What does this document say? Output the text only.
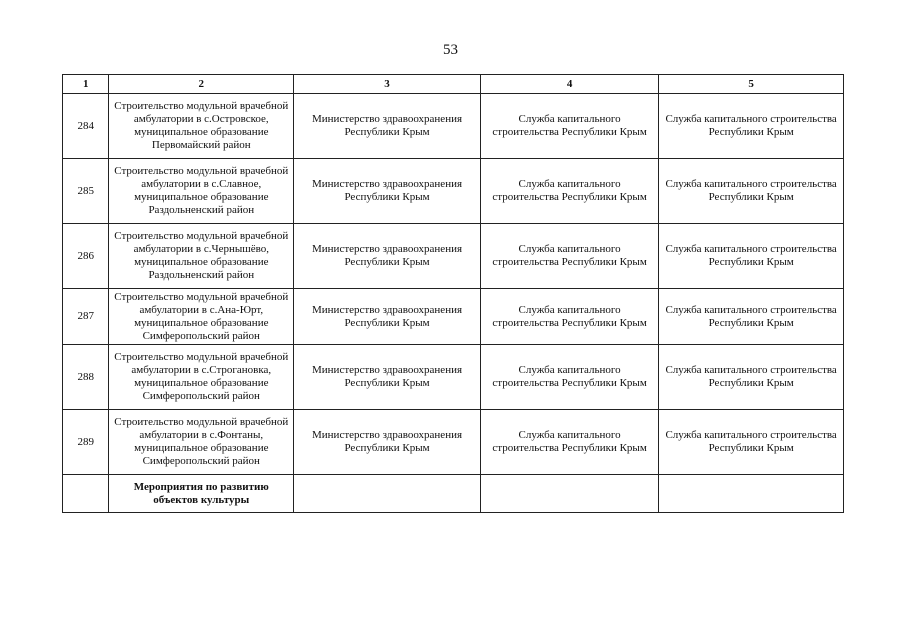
53
1	2	3	4	5
284	Строительство модульной врачебной амбулатории в с.Островское, муниципальное образование Первомайский район	Министерство здравоохранения Республики Крым	Служба капитального строительства Республики Крым	Служба капитального строительства Республики Крым
285	Строительство модульной врачебной амбулатории в с.Славное, муниципальное образование Раздольненский район	Министерство здравоохранения Республики Крым	Служба капитального строительства Республики Крым	Служба капитального строительства Республики Крым
286	Строительство модульной врачебной амбулатории в с.Чернышёво, муниципальное образование Раздольненский район	Министерство здравоохранения Республики Крым	Служба капитального строительства Республики Крым	Служба капитального строительства Республики Крым
287	Строительство модульной врачебной амбулатории в с.Ана-Юрт, муниципальное образование Симферопольский район	Министерство здравоохранения Республики Крым	Служба капитального строительства Республики Крым	Служба капитального строительства Республики Крым
288	Строительство модульной врачебной амбулатории в с.Строгановка, муниципальное образование Симферопольский район	Министерство здравоохранения Республики Крым	Служба капитального строительства Республики Крым	Служба капитального строительства Республики Крым
289	Строительство модульной врачебной амбулатории в с.Фонтаны, муниципальное образование Симферопольский район	Министерство здравоохранения Республики Крым	Служба капитального строительства Республики Крым	Служба капитального строительства Республики Крым
	Мероприятия по развитию объектов культуры			
